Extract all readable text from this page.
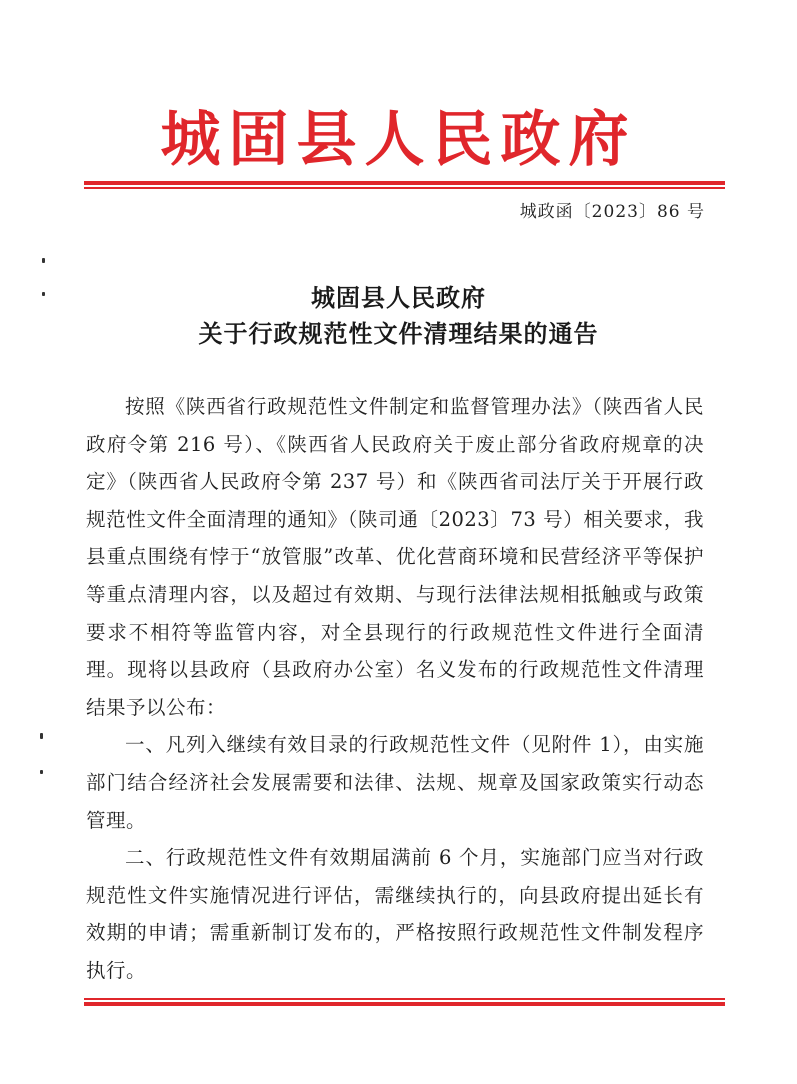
城固县人民政府
城政函〔2023〕86 号
城固县人民政府
关于行政规范性文件清理结果的通告

按照《陕西省行政规范性文件制定和监督管理办法》（陕西省人民政府令第 216 号）、《陕西省人民政府关于废止部分省政府规章的决定》（陕西省人民政府令第 237 号）和《陕西省司法厅关于开展行政规范性文件全面清理的通知》（陕司通〔2023〕73 号）相关要求，我县重点围绕有悖于“放管服”改革、优化营商环境和民营经济平等保护等重点清理内容，以及超过有效期、与现行法律法规相抵触或与政策要求不相符等监管内容，对全县现行的行政规范性文件进行全面清理。现将以县政府（县政府办公室）名义发布的行政规范性文件清理结果予以公布：

一、凡列入继续有效目录的行政规范性文件（见附件 1），由实施部门结合经济社会发展需要和法律、法规、规章及国家政策实行动态管理。

二、行政规范性文件有效期届满前 6 个月，实施部门应当对行政规范性文件实施情况进行评估，需继续执行的，向县政府提出延长有效期的申请；需重新制订发布的，严格按照行政规范性文件制发程序执行。
